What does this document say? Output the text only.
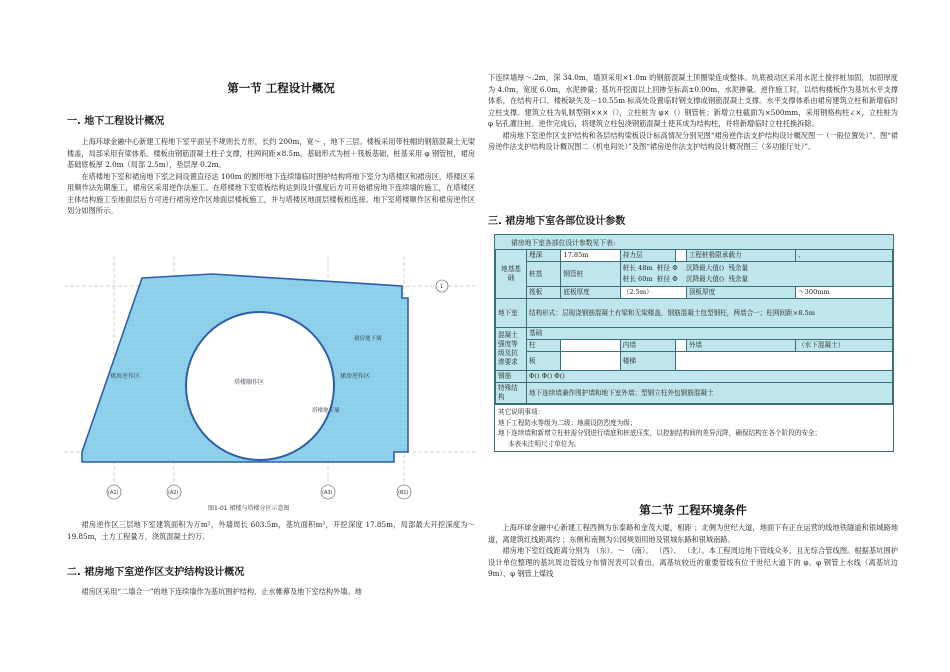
第一节 工程设计概况
一. 地下工程设计概况

上海环球金融中心新建工程地下室平面呈不规则长方形，长约 200m，宽～ ，地下三层。楼板采用带柱帽的钢筋混凝土无梁楼盖，局部采用有梁体系。楼板由钢筋混凝土柱子支撑，柱网间距×8.5m。基础形式为桩＋筏板基础，桩基采用 φ 钢管桩，裙房基础底板厚 2.0m（局部 2.5m），垫层厚 0.2m。

在塔楼地下室和裙房地下室之间设置直径达 100m 的圆形地下连续墙临时围护结构将地下室分为塔楼区和裙房区，塔楼区采用顺作法先期施工，裙房区采用逆作法施工。在塔楼地下室底板结构达到设计强度后方可开始裙房地下连续墙的施工，在塔楼区主体结构施工至地面层后方可进行裙房逆作区地面层楼板施工，并与塔楼区地面层楼板相连接。地下室塔楼顺作区和裙房逆作区划分如图所示。

裙房逆作区
塔楼顺作区
裙房逆作区
塔楼地下墙
裙房地下墙
1
(A1)	(A2)	(A3)	(B1)
图1-01 裙楼与塔楼分区示意图

裙房逆作区三层地下室建筑面积为万m²，外墙周长 603.5m，基坑面积m²，开挖深度 17.85m，局部最大开挖深度为～19.85m，土方工程量万，浇筑混凝土约万。

二. 裙房地下室逆作区支护结构设计概况

裙房区采用“二墙合一”的地下连续墙作为基坑围护结构、止水帷幕及地下室结构外墙。地

下连续墙厚～.2m，深 34.0m，墙顶采用×1.0m 的钢筋混凝土顶圈梁连成整体。坑底被动区采用水泥土搅拌桩加固，加固厚度为 4.0m，宽度 6.0m，水泥掺量；基坑开挖面以上回掺至标高±0.00m，水泥掺量。逆作施工时，以结构楼板作为基坑水平支撑体系，在结构开口、楼板缺失及－10.55m 标高处设置临时钢支撑或钢筋混凝土支撑。水平支撑体系由裙房建筑立柱和新增临时立柱支撑。建筑立柱为轧制型钢×××（），立柱桩为 φ×（）钢管桩；新增立柱截面为×500mm，采用钢格构柱∠×，立柱桩为 φ 钻孔灌注桩。逆作完成后，将建筑立柱包浇钢筋混凝土使其成为结构柱，并将新增临时立柱托换拆除。

裙房地下室逆作区支护结构和各层结构梁板设计标高情况分别见图“裙房逆作法支护结构设计概况图一（一般位置处）”、图“裙房逆作法支护结构设计概况图二（机电间处）”及图“裙房逆作法支护结构设计概况图三（多功能厅处）”。

三. 裙房地下室各部位设计参数
裙房地下室各部位设计参数见下表:
地基基础	埋深	17.85m	持力层		工程桩极限承载力	、
	桩基	钢管桩	桩长 48m 桩径 Φ 沉降最大值() 残余量
桩长 60m 桩径 Φ 沉降最大值() 残余量			
	筏板	底板厚度	（2.5m）		顶板厚度	～300mm
地下室	结构形式：层现浇钢筋混凝土有梁和无梁楼盖，钢筋混凝土包型钢柱，两墙合一；柱网间距×8.5m					
混凝土强度等级及抗渗要求	基础					
	柱		内墙		外墙	（水下混凝土）
	板		楼梯			
钢筋	Φ() Φ() Φ()					
特殊结构	地下连续墙兼作围护墙和地下室外墙；型钢立柱外包钢筋混凝土					
其它说明事项：
地下工程防水等级为二级；地震设防烈度为级；
地下连续墙和新增立柱桩需分别进行墙底和桩底压浆，以控制结构间的差异沉降，确保结构在各个阶段的安全；
本表未注明尺寸单位为。
第二节 工程环境条件

上海环球金融中心新建工程西侧为东泰路和金茂大厦，相距 ；北侧为世纪大道，地面下有正在运营的线地铁隧道和银城路地道，离建筑红线距离约 ；东侧和南侧为公园规划用地及银城东路和银城南路。

裙房地下室红线距离分别为 （东）、～ （南）、 （西）、 （北）。本工程周边地下管线众多，且无综合管线图。根据基坑围护设计单位整理的基坑周边管线分布情况表可以看出，离基坑较近的重要管线有位于世纪大道下的 φ、φ 钢管上水线（离基坑边 9m）、φ 钢管上煤线
